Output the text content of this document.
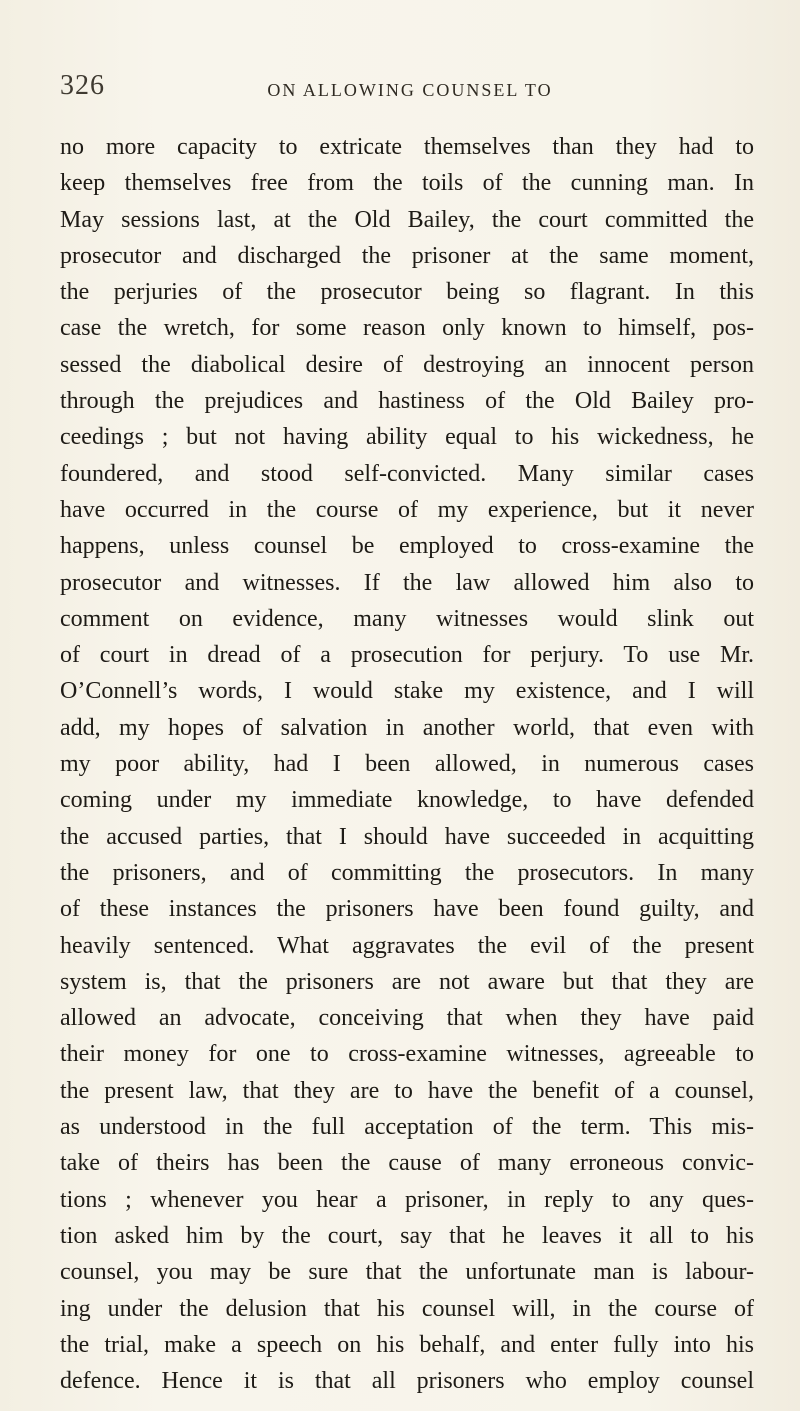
326	ON ALLOWING COUNSEL TO
no more capacity to extricate themselves than they had to
keep themselves free from the toils of the cunning man. In
May sessions last, at the Old Bailey, the court committed the
prosecutor and discharged the prisoner at the same moment,
the perjuries of the prosecutor being so flagrant. In this
case the wretch, for some reason only known to himself, pos-
sessed the diabolical desire of destroying an innocent person
through the prejudices and hastiness of the Old Bailey pro-
ceedings ; but not having ability equal to his wickedness, he
foundered, and stood self-convicted. Many similar cases
have occurred in the course of my experience, but it never
happens, unless counsel be employed to cross-examine the
prosecutor and witnesses. If the law allowed him also to
comment on evidence, many witnesses would slink out
of court in dread of a prosecution for perjury. To use Mr.
O’Connell’s words, I would stake my existence, and I will
add, my hopes of salvation in another world, that even with
my poor ability, had I been allowed, in numerous cases
coming under my immediate knowledge, to have defended
the accused parties, that I should have succeeded in acquitting
the prisoners, and of committing the prosecutors. In many
of these instances the prisoners have been found guilty, and
heavily sentenced. What aggravates the evil of the present
system is, that the prisoners are not aware but that they are
allowed an advocate, conceiving that when they have paid
their money for one to cross-examine witnesses, agreeable to
the present law, that they are to have the benefit of a counsel,
as understood in the full acceptation of the term. This mis-
take of theirs has been the cause of many erroneous convic-
tions ; whenever you hear a prisoner, in reply to any ques-
tion asked him by the court, say that he leaves it all to his
counsel, you may be sure that the unfortunate man is labour-
ing under the delusion that his counsel will, in the course of
the trial, make a speech on his behalf, and enter fully into his
defence. Hence it is that all prisoners who employ counsel
